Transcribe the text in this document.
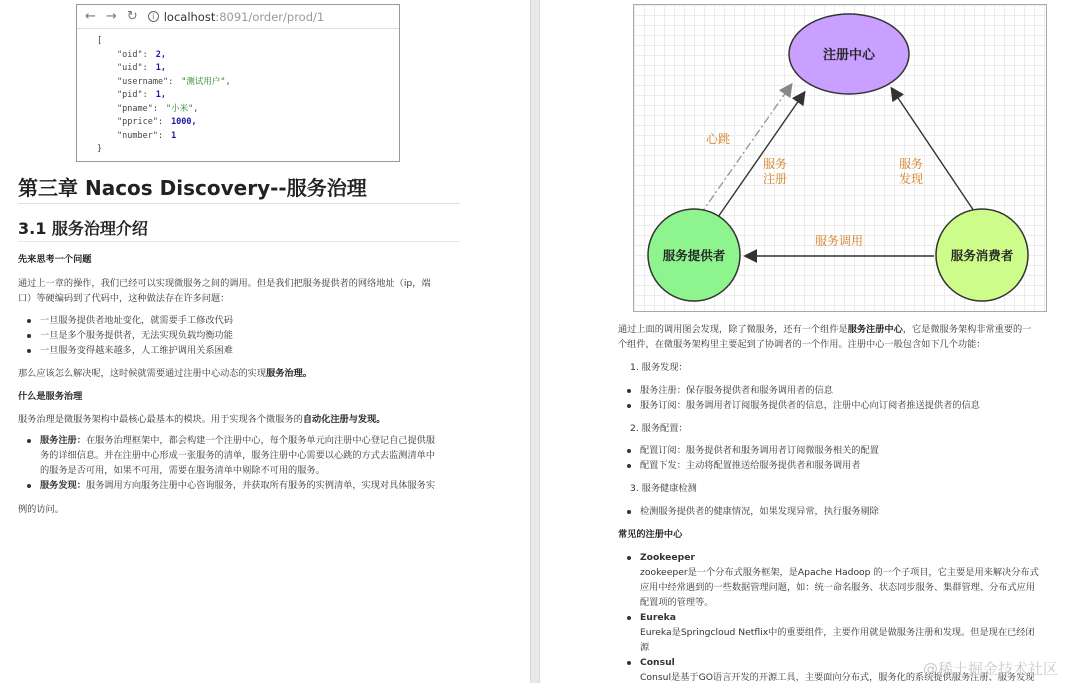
← → ↻	i localhost:8091/order/prod/1
[
"oid": 2,
"uid": 1,
"username": "测试用户",
"pid": 1,
"pname": "小米",
"pprice": 1000,
"number": 1
}
第三章 Nacos Discovery--服务治理
3.1 服务治理介绍
先来思考一个问题
通过上一章的操作，我们已经可以实现微服务之间的调用。但是我们把服务提供者的网络地址（ip，端
口）等硬编码到了代码中，这种做法存在许多问题：
一旦服务提供者地址变化，就需要手工修改代码
一旦是多个服务提供者，无法实现负载均衡功能
一旦服务变得越来越多，人工维护调用关系困难
那么应该怎么解决呢，这时候就需要通过注册中心动态的实现服务治理。
什么是服务治理
服务治理是微服务架构中最核心最基本的模块。用于实现各个微服务的自动化注册与发现。
服务注册：在服务治理框架中，都会构建一个注册中心，每个服务单元向注册中心登记自己提供服
务的详细信息。并在注册中心形成一张服务的清单，服务注册中心需要以心跳的方式去监测清单中
的服务是否可用，如果不可用，需要在服务清单中剔除不可用的服务。
服务发现：服务调用方向服务注册中心咨询服务，并获取所有服务的实例清单，实现对具体服务实
例的访问。
注册中心
服务提供者	服务消费者
心跳
服务
注册
服务
发现
服务调用
通过上面的调用图会发现，除了微服务，还有一个组件是服务注册中心，它是微服务架构非常重要的一
个组件，在微服务架构里主要起到了协调者的一个作用。注册中心一般包含如下几个功能：
1. 服务发现：
服务注册：保存服务提供者和服务调用者的信息
服务订阅：服务调用者订阅服务提供者的信息，注册中心向订阅者推送提供者的信息
2. 服务配置：
配置订阅：服务提供者和服务调用者订阅微服务相关的配置
配置下发：主动将配置推送给服务提供者和服务调用者
3. 服务健康检测
检测服务提供者的健康情况，如果发现异常，执行服务剔除
常见的注册中心
Zookeeper
zookeeper是一个分布式服务框架，是Apache Hadoop 的一个子项目，它主要是用来解决分布式
应用中经常遇到的一些数据管理问题，如：统一命名服务、状态同步服务、集群管理、分布式应用
配置项的管理等。
Eureka
Eureka是Springcloud Netflix中的重要组件，主要作用就是做服务注册和发现。但是现在已经闭
源
Consul
Consul是基于GO语言开发的开源工具，主要面向分布式，服务化的系统提供服务注册、服务发现
@稀土掘金技术社区
